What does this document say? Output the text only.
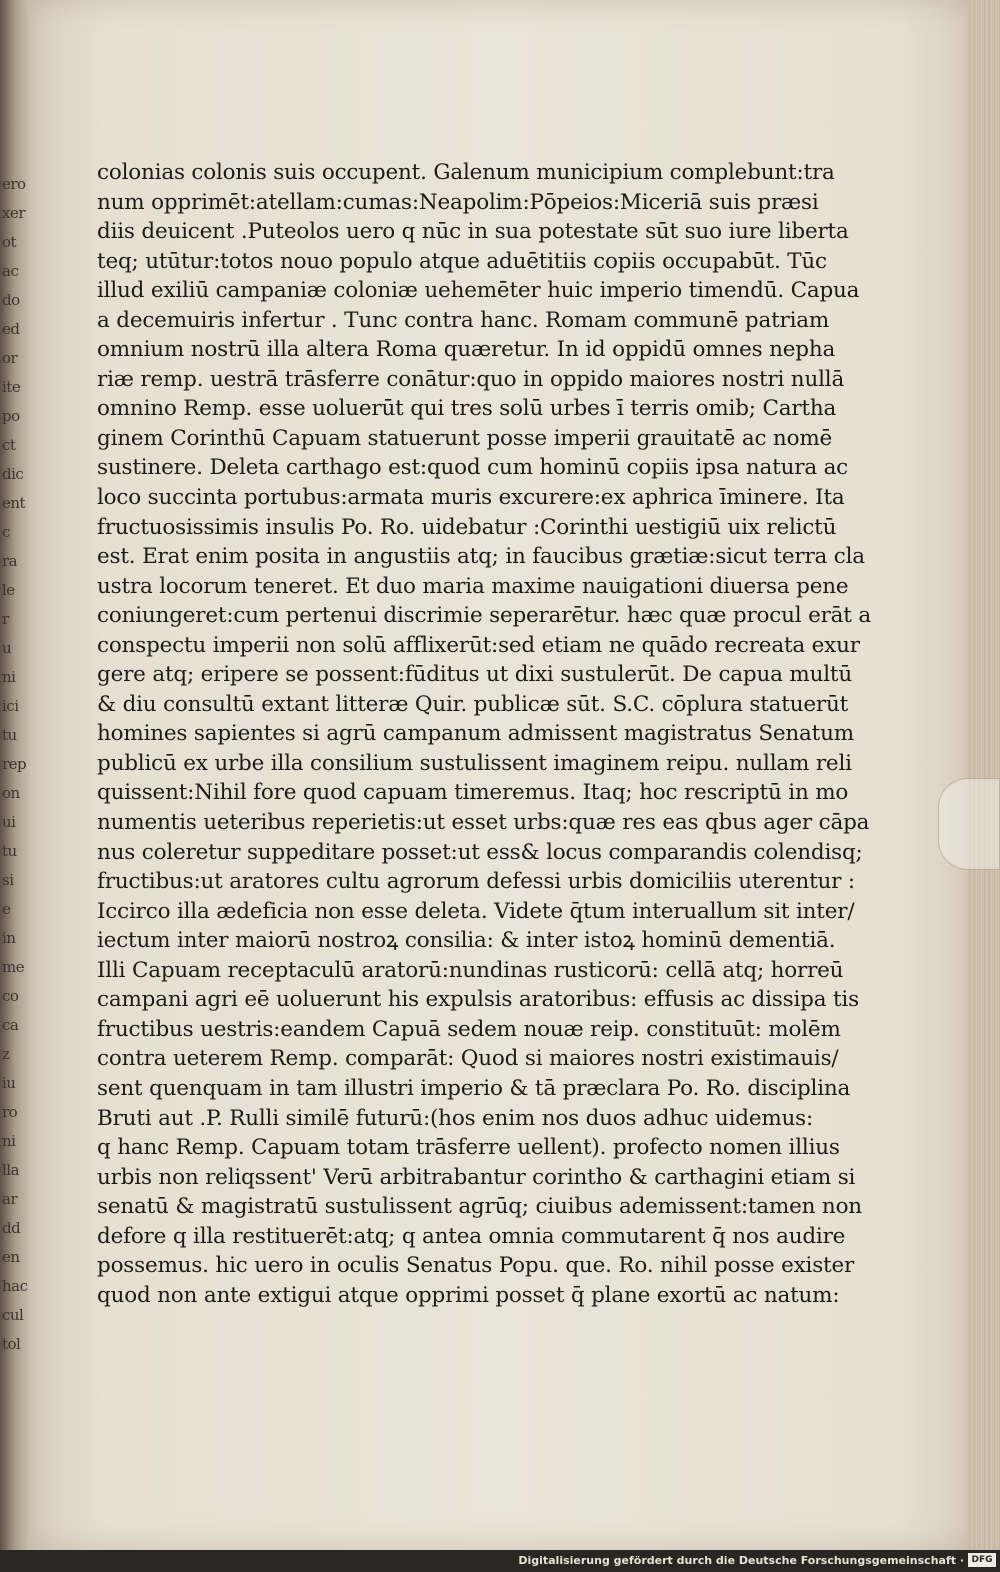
ero
xer
ot
ac
do
ed
or
ite
po
ct
dic
ent
c
ra
le
r
u
ni
ici
tu
rep
on
ui
tu
si
e
in
me
co
ca
z
iu
ro
ni
lla
ar
dd
en
hac
cul
tol
colonias colonis suis occupent. Galenum municipium complebunt:tra
num opprimēt:atellam:cumas:Neapolim:Pōpeios:Miceriā suis præsi
diis deuicent .Puteolos uero q nūc in sua potestate sūt suo iure liberta
teq; utūtur:totos nouo populo atque aduētitiis copiis occupabūt. Tūc
illud exiliū campaniæ coloniæ uehemēter huic imperio timendū. Capua
a decemuiris infertur . Tunc contra hanc. Romam communē patriam
omnium nostrū illa altera Roma quæretur. In id oppidū omnes nepha
riæ remp. uestrā trāsferre conātur:quo in oppido maiores nostri nullā
omnino Remp. esse uoluerūt qui tres solū urbes ī terris omib; Cartha
ginem Corinthū Capuam statuerunt posse imperii grauitatē ac nomē
sustinere. Deleta carthago est:quod cum hominū copiis ipsa natura ac
loco succinta portubus:armata muris excurere:ex aphrica īminere. Ita
fructuosissimis insulis Po. Ro. uidebatur :Corinthi uestigiū uix relictū
est. Erat enim posita in angustiis atq; in faucibus grætiæ:sicut terra cla
ustra locorum teneret. Et duo maria maxime nauigationi diuersa pene
coniungeret:cum pertenui discrimie seperarētur. hæc quæ procul erāt a
conspectu imperii non solū afflixerūt:sed etiam ne quādo recreata exur
gere atq; eripere se possent:fūditus ut dixi sustulerūt. De capua multū
& diu consultū extant litteræ Quir. publicæ sūt. S.C. cōplura statuerūt
homines sapientes si agrū campanum admissent magistratus Senatum
publicū ex urbe illa consilium sustulissent imaginem reipu. nullam reli
quissent:Nihil fore quod capuam timeremus. Itaq; hoc rescriptū in mo
numentis ueteribus reperietis:ut esset urbs:quæ res eas qbus ager cāpa
nus coleretur suppeditare posset:ut ess& locus comparandis colendisq;
fructibus:ut aratores cultu agrorum defessi urbis domiciliis uterentur :
Iccirco illa ædeficia non esse deleta. Videte q̄tum interuallum sit inter/
iectum inter maiorū nostroꝝ consilia: & inter istoꝝ hominū dementiā.
Illi Capuam receptaculū aratorū:nundinas rusticorū: cellā atq; horreū
campani agri eē uoluerunt his expulsis aratoribus: effusis ac dissipa tis
fructibus uestris:eandem Capuā sedem nouæ reip. constituūt: molēm
contra ueterem Remp. comparāt: Quod si maiores nostri existimauis/
sent quenquam in tam illustri imperio & tā præclara Po. Ro. disciplina
Bruti aut .P. Rulli similē futurū:(hos enim nos duos adhuc uidemus:
q hanc Remp. Capuam totam trāsferre uellent). profecto nomen illius
urbis non reliqssent' Verū arbitrabantur corintho & carthagini etiam si
senatū & magistratū sustulissent agrūq; ciuibus ademissent:tamen non
defore q illa restituerēt:atq; q antea omnia commutarent q̄ nos audire
possemus. hic uero in oculis Senatus Popu. que. Ro. nihil posse exister
quod non ante extigui atque opprimi posset q̄ plane exortū ac natum:
Digitalisierung gefördert durch die Deutsche Forschungsgemeinschaft · DFG
